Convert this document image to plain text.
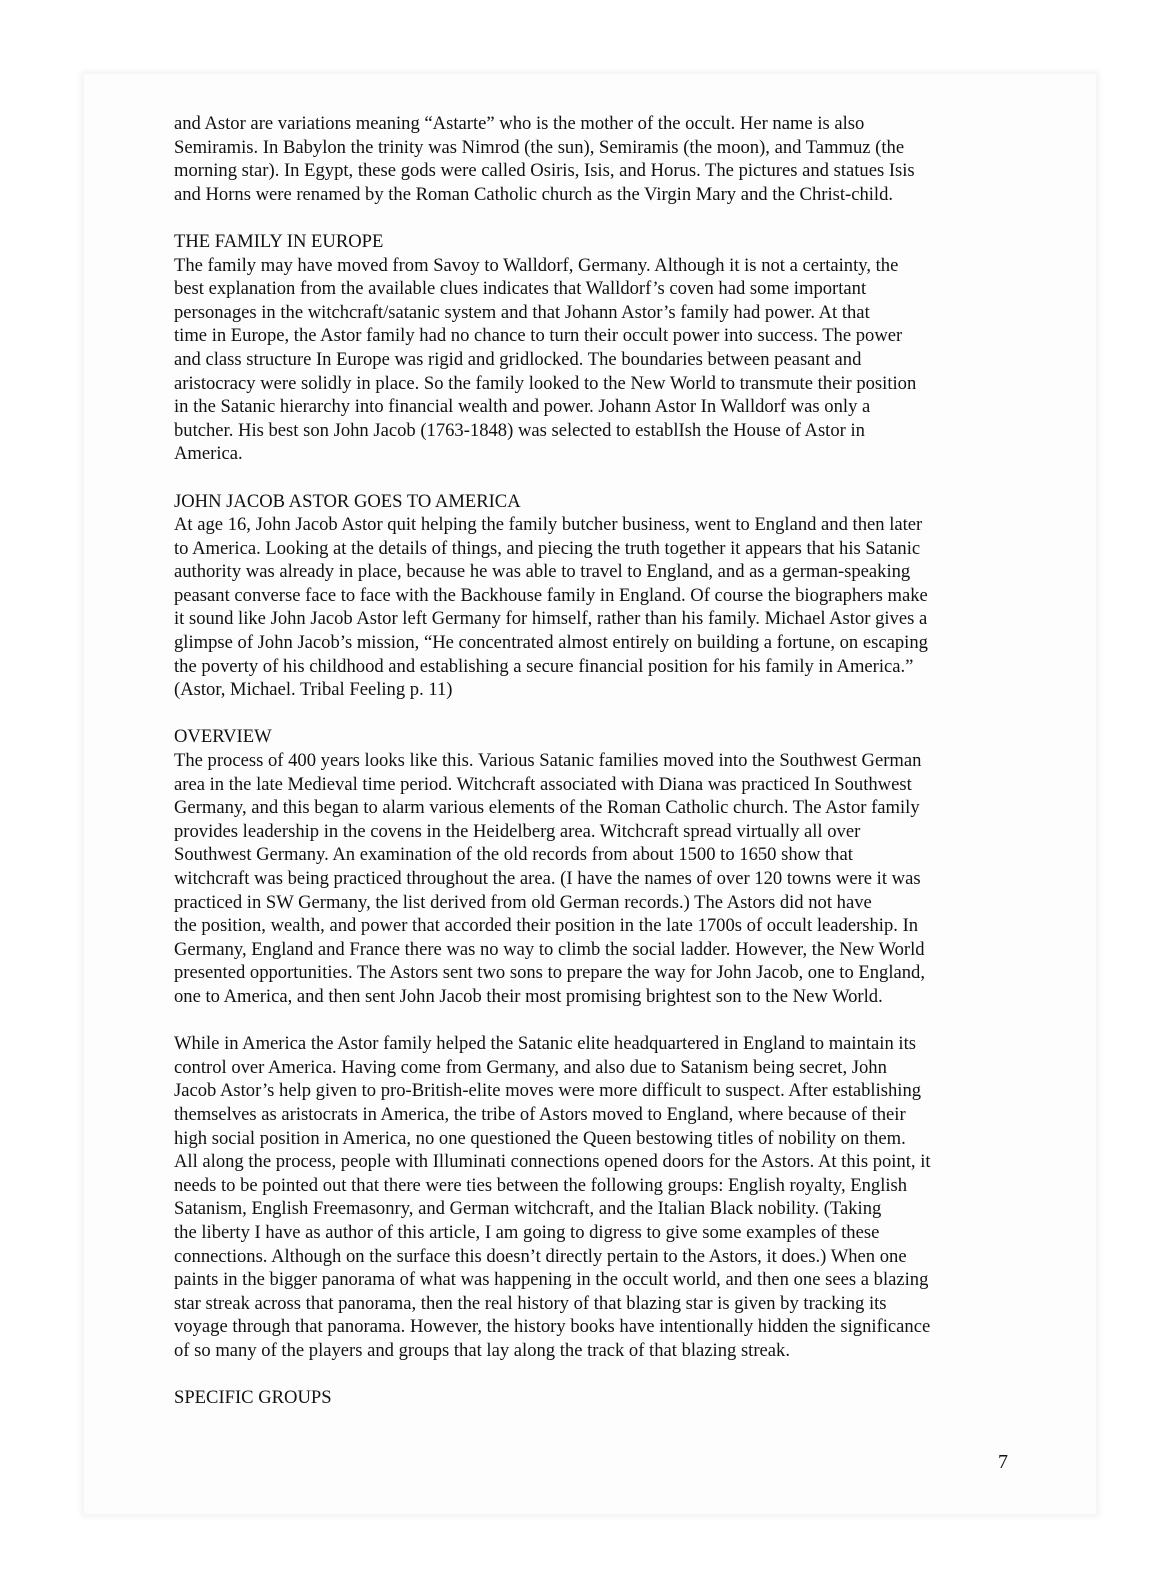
and Astor are variations meaning “Astarte” who is the mother of the occult. Her name is also
Semiramis. In Babylon the trinity was Nimrod (the sun), Semiramis (the moon), and Tammuz (the
morning star). In Egypt, these gods were called Osiris, Isis, and Horus. The pictures and statues Isis
and Horns were renamed by the Roman Catholic church as the Virgin Mary and the Christ-child.

THE FAMILY IN EUROPE

The family may have moved from Savoy to Walldorf, Germany. Although it is not a certainty, the
best explanation from the available clues indicates that Walldorf’s coven had some important
personages in the witchcraft/satanic system and that Johann Astor’s family had power. At that
time in Europe, the Astor family had no chance to turn their occult power into success. The power
and class structure In Europe was rigid and gridlocked. The boundaries between peasant and
aristocracy were solidly in place. So the family looked to the New World to transmute their position
in the Satanic hierarchy into financial wealth and power. Johann Astor In Walldorf was only a
butcher. His best son John Jacob (1763-1848) was selected to establIsh the House of Astor in
America.

JOHN JACOB ASTOR GOES TO AMERICA

At age 16, John Jacob Astor quit helping the family butcher business, went to England and then later
to America. Looking at the details of things, and piecing the truth together it appears that his Satanic
authority was already in place, because he was able to travel to England, and as a german-speaking
peasant converse face to face with the Backhouse family in England. Of course the biographers make
it sound like John Jacob Astor left Germany for himself, rather than his family. Michael Astor gives a
glimpse of John Jacob’s mission, “He concentrated almost entirely on building a fortune, on escaping
the poverty of his childhood and establishing a secure financial position for his family in America.”
(Astor, Michael. Tribal Feeling p. 11)

OVERVIEW

The process of 400 years looks like this. Various Satanic families moved into the Southwest German
area in the late Medieval time period. Witchcraft associated with Diana was practiced In Southwest
Germany, and this began to alarm various elements of the Roman Catholic church. The Astor family
provides leadership in the covens in the Heidelberg area. Witchcraft spread virtually all over
Southwest Germany. An examination of the old records from about 1500 to 1650 show that
witchcraft was being practiced throughout the area. (I have the names of over 120 towns were it was
practiced in SW Germany, the list derived from old German records.) The Astors did not have
the position, wealth, and power that accorded their position in the late 1700s of occult leadership. In
Germany, England and France there was no way to climb the social ladder. However, the New World
presented opportunities. The Astors sent two sons to prepare the way for John Jacob, one to England,
one to America, and then sent John Jacob their most promising brightest son to the New World.

While in America the Astor family helped the Satanic elite headquartered in England to maintain its
control over America. Having come from Germany, and also due to Satanism being secret, John
Jacob Astor’s help given to pro-British-elite moves were more difficult to suspect. After establishing
themselves as aristocrats in America, the tribe of Astors moved to England, where because of their
high social position in America, no one questioned the Queen bestowing titles of nobility on them.
All along the process, people with Illuminati connections opened doors for the Astors. At this point, it
needs to be pointed out that there were ties between the following groups: English royalty, English
Satanism, English Freemasonry, and German witchcraft, and the Italian Black nobility. (Taking
the liberty I have as author of this article, I am going to digress to give some examples of these
connections. Although on the surface this doesn’t directly pertain to the Astors, it does.) When one
paints in the bigger panorama of what was happening in the occult world, and then one sees a blazing
star streak across that panorama, then the real history of that blazing star is given by tracking its
voyage through that panorama. However, the history books have intentionally hidden the significance
of so many of the players and groups that lay along the track of that blazing streak.

SPECIFIC GROUPS
7
